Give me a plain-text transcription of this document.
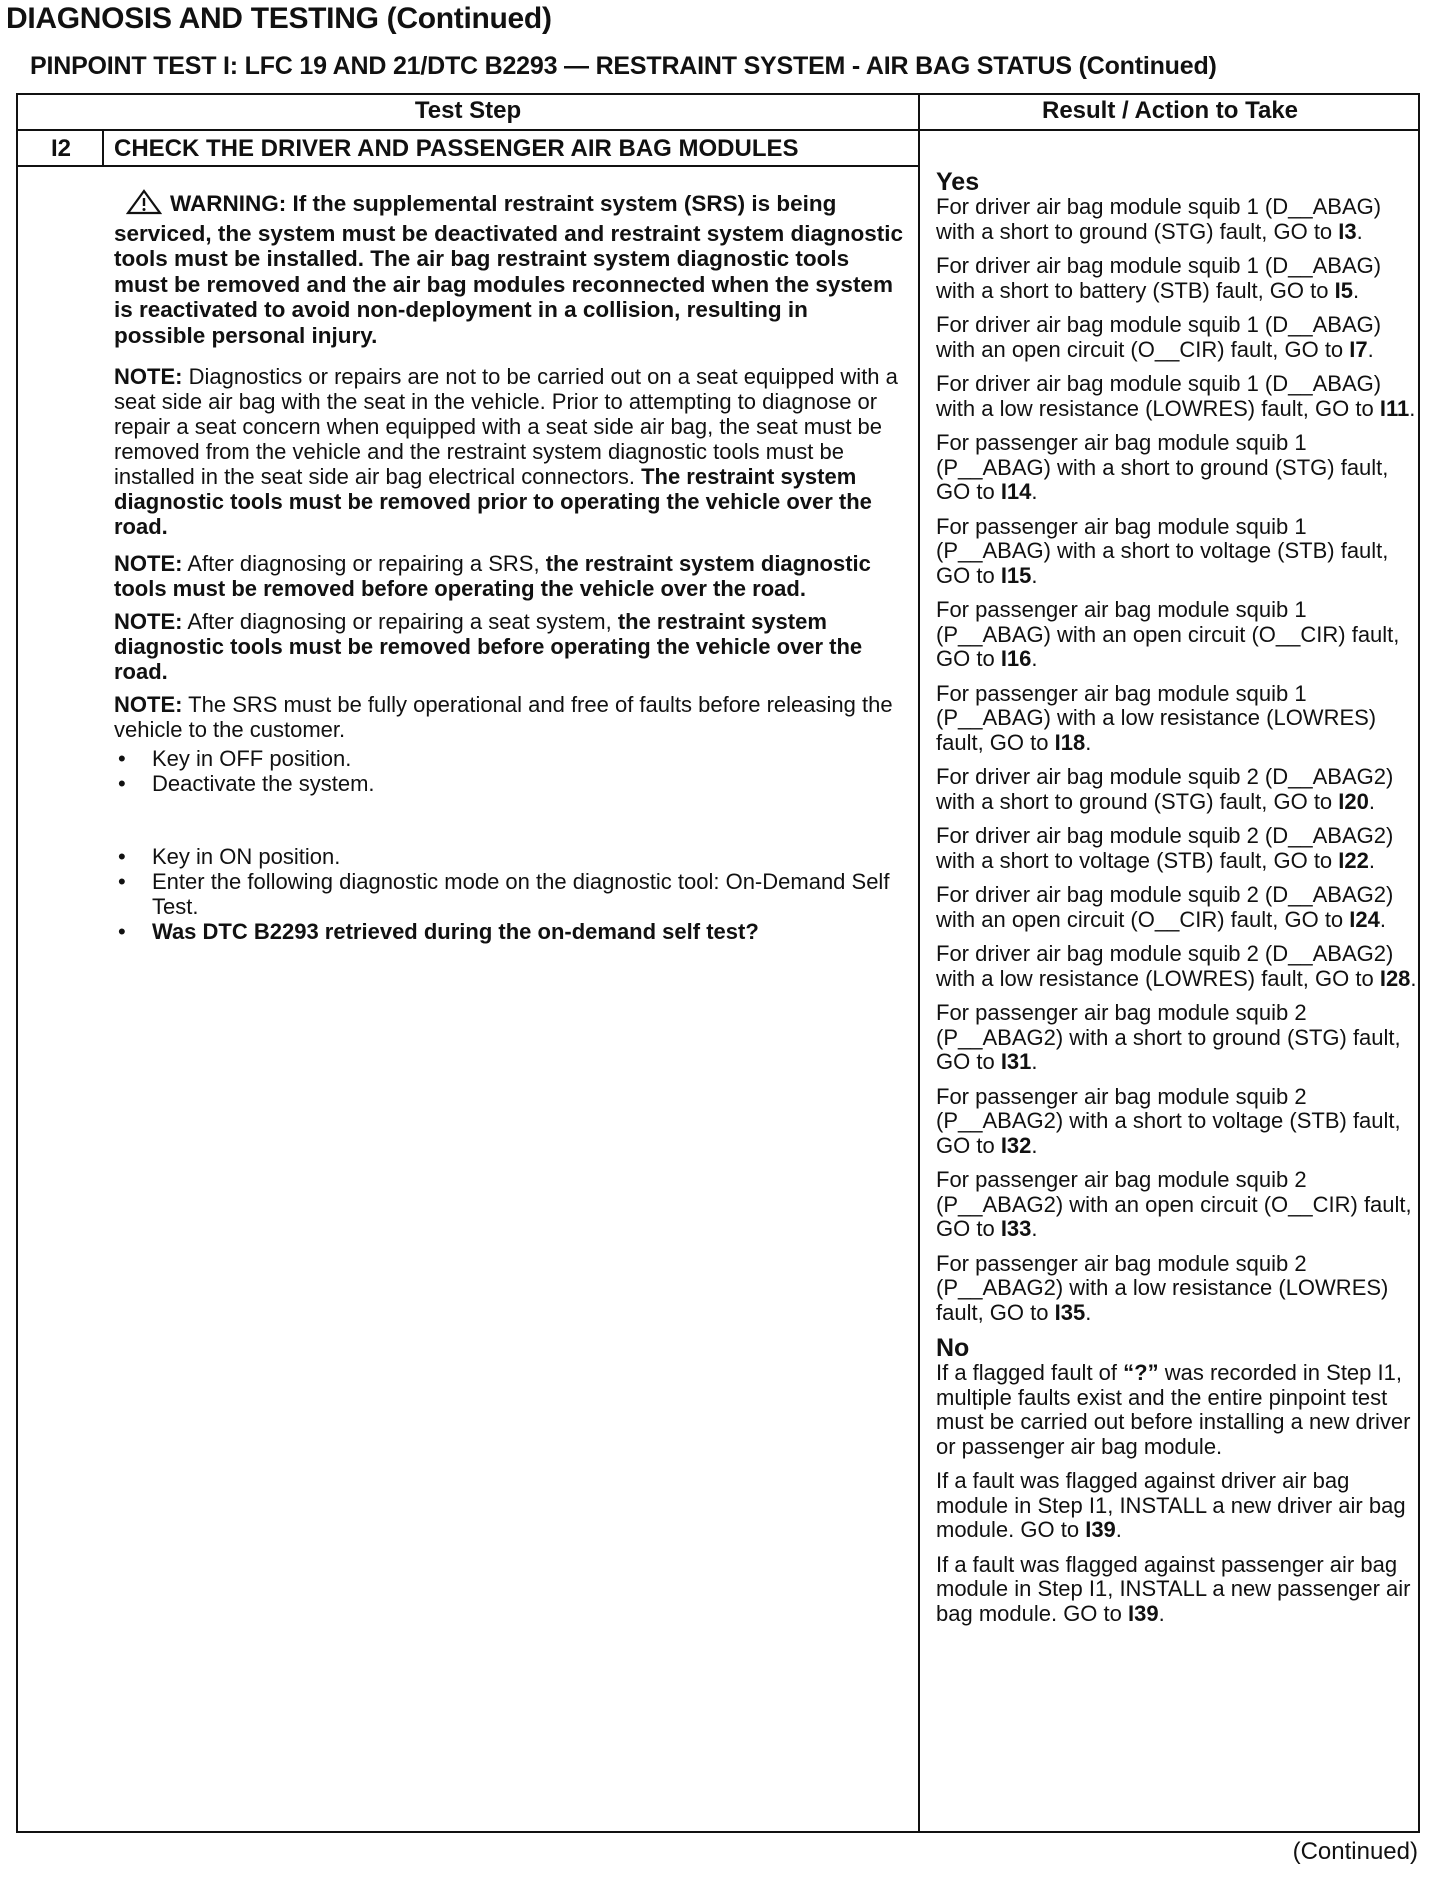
DIAGNOSIS AND TESTING (Continued)
PINPOINT TEST I: LFC 19 AND 21/DTC B2293 — RESTRAINT SYSTEM - AIR BAG STATUS (Continued)
Test Step	Result / Action to Take
I2	CHECK THE DRIVER AND PASSENGER AIR BAG MODULES

WARNING: If the supplemental restraint system (SRS) is being serviced, the system must be deactivated and restraint system diagnostic tools must be installed. The air bag restraint system diagnostic tools must be removed and the air bag modules reconnected when the system is reactivated to avoid non-deployment in a collision, resulting in possible personal injury.

NOTE: Diagnostics or repairs are not to be carried out on a seat equipped with a seat side air bag with the seat in the vehicle. Prior to attempting to diagnose or repair a seat concern when equipped with a seat side air bag, the seat must be removed from the vehicle and the restraint system diagnostic tools must be installed in the seat side air bag electrical connectors. The restraint system diagnostic tools must be removed prior to operating the vehicle over the road.

NOTE: After diagnosing or repairing a SRS, the restraint system diagnostic tools must be removed before operating the vehicle over the road.

NOTE: After diagnosing or repairing a seat system, the restraint system diagnostic tools must be removed before operating the vehicle over the road.

NOTE: The SRS must be fully operational and free of faults before releasing the vehicle to the customer.

• Key in OFF position.
• Deactivate the system.
• Key in ON position.
• Enter the following diagnostic mode on the diagnostic tool: On-Demand Self Test.
• Was DTC B2293 retrieved during the on-demand self test?
Yes

For driver air bag module squib 1 (D__ABAG) with a short to ground (STG) fault, GO to I3.

For driver air bag module squib 1 (D__ABAG) with a short to battery (STB) fault, GO to I5.

For driver air bag module squib 1 (D__ABAG) with an open circuit (O__CIR) fault, GO to I7.

For driver air bag module squib 1 (D__ABAG) with a low resistance (LOWRES) fault, GO to I11.

For passenger air bag module squib 1 (P__ABAG) with a short to ground (STG) fault, GO to I14.

For passenger air bag module squib 1 (P__ABAG) with a short to voltage (STB) fault, GO to I15.

For passenger air bag module squib 1 (P__ABAG) with an open circuit (O__CIR) fault, GO to I16.

For passenger air bag module squib 1 (P__ABAG) with a low resistance (LOWRES) fault, GO to I18.

For driver air bag module squib 2 (D__ABAG2) with a short to ground (STG) fault, GO to I20.

For driver air bag module squib 2 (D__ABAG2) with a short to voltage (STB) fault, GO to I22.

For driver air bag module squib 2 (D__ABAG2) with an open circuit (O__CIR) fault, GO to I24.

For driver air bag module squib 2 (D__ABAG2) with a low resistance (LOWRES) fault, GO to I28.

For passenger air bag module squib 2 (P__ABAG2) with a short to ground (STG) fault, GO to I31.

For passenger air bag module squib 2 (P__ABAG2) with a short to voltage (STB) fault, GO to I32.

For passenger air bag module squib 2 (P__ABAG2) with an open circuit (O__CIR) fault, GO to I33.

For passenger air bag module squib 2 (P__ABAG2) with a low resistance (LOWRES) fault, GO to I35.

No

If a flagged fault of “?” was recorded in Step I1, multiple faults exist and the entire pinpoint test must be carried out before installing a new driver or passenger air bag module.

If a fault was flagged against driver air bag module in Step I1, INSTALL a new driver air bag module. GO to I39.

If a fault was flagged against passenger air bag module in Step I1, INSTALL a new passenger air bag module. GO to I39.

(Continued)
